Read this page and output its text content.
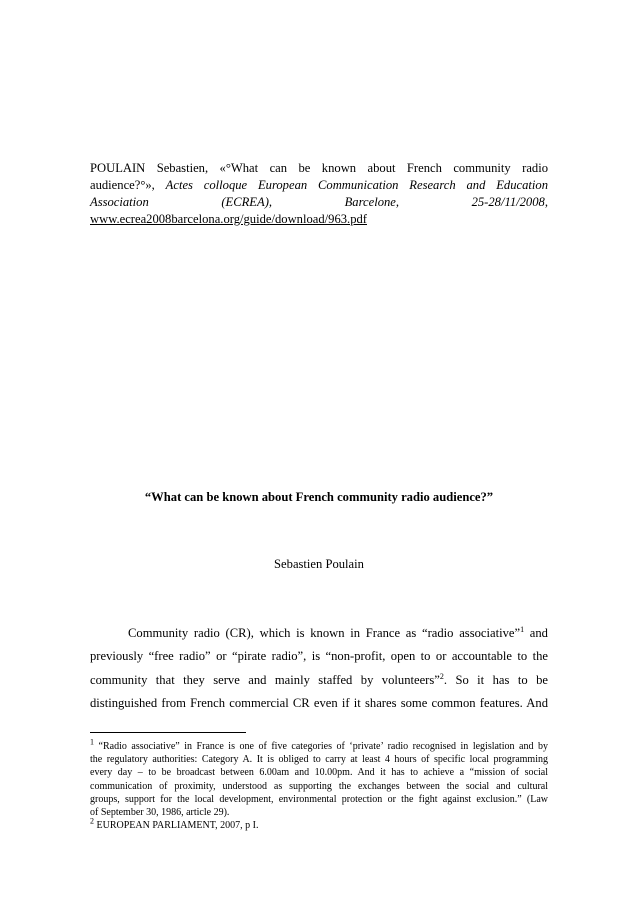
POULAIN Sebastien, «°What can be known about French community radio
audience?°», Actes colloque European Communication Research and Education
Association	(ECREA),	Barcelone,	25-28/11/2008,
www.ecrea2008barcelona.org/guide/download/963.pdf
“What can be known about French community radio audience?”
Sebastien Poulain
Community radio (CR), which is known in France as “radio associative”$^1$ and
previously “free radio” or “pirate radio”, is “non-profit, open to or accountable to the
community that they serve and mainly staffed by volunteers”$^2$. So it has to be
distinguished from French commercial CR even if it shares some common features. And
$^1$ “Radio associative” in France is one of five categories of ‘private’ radio recognised in legislation and by
the regulatory authorities: Category A. It is obliged to carry at least 4 hours of specific local programming
every day – to be broadcast between 6.00am and 10.00pm. And it has to achieve a “mission of social
communication of proximity, understood as supporting the exchanges between the social and cultural
groups, support for the local development, environmental protection or the fight against exclusion.” (Law
of September 30, 1986, article 29).
$^2$ EUROPEAN PARLIAMENT, 2007, p I.
